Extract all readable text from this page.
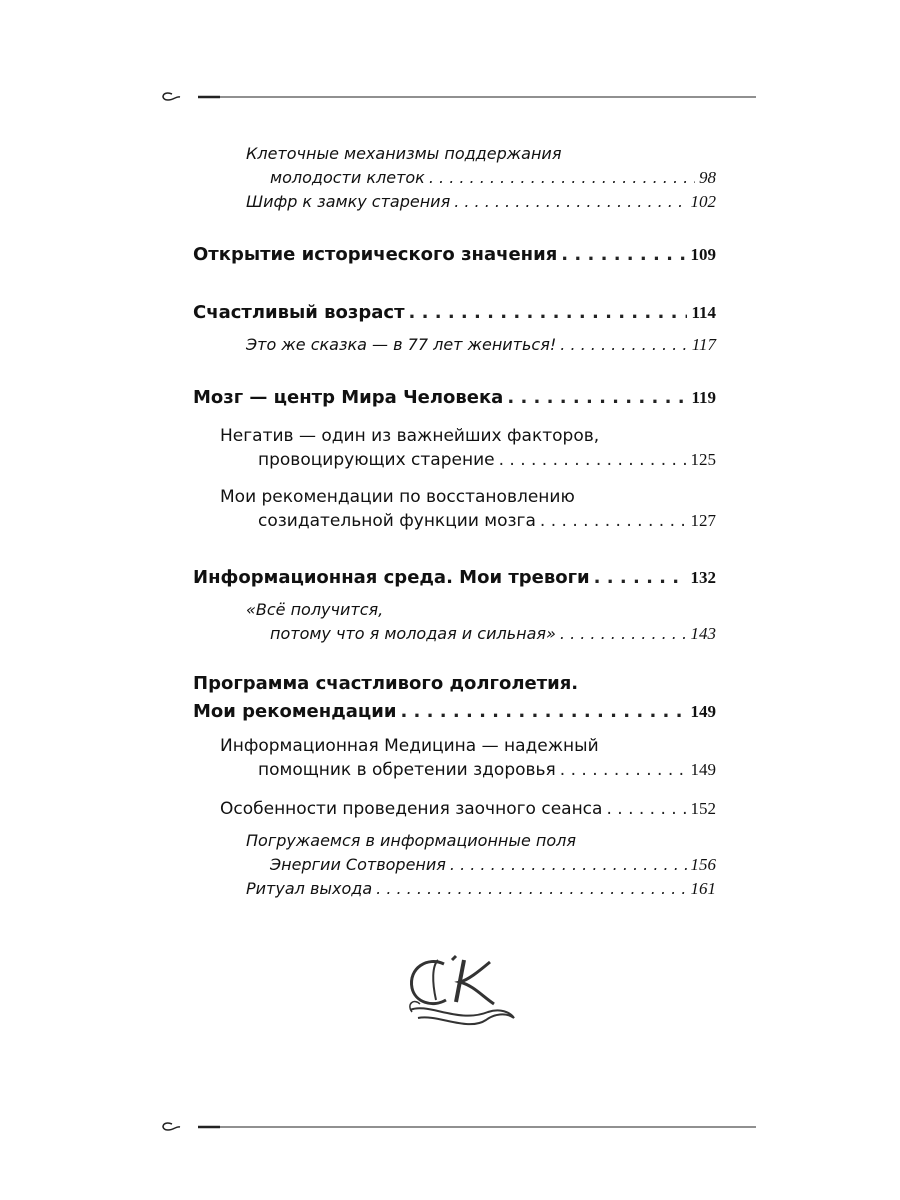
Клеточные механизмы поддержания
молодости клеток . . .	98
Шифр к замку старения . . .	102
Открытие исторического значения . . .	109
Счастливый возраст . . .	114
Это же сказка — в 77 лет жениться! . . .	117
Мозг — центр Мира Человека . . .	119
Негатив — один из важнейших факторов,
провоцирующих старение . . .	125
Мои рекомендации по восстановлению
созидательной функции мозга . . .	127
Информационная среда. Мои тревоги . . .	132
«Всё получится,
потому что я молодая и сильная» . . .	143
Программа счастливого долголетия.
Мои рекомендации . . .	149
Информационная Медицина — надежный
помощник в обретении здоровья . . .	149
Особенности проведения заочного сеанса . . .	152
Погружаемся в информационные поля
Энергии Сотворения . . .	156
Ритуал выхода . . .	161
